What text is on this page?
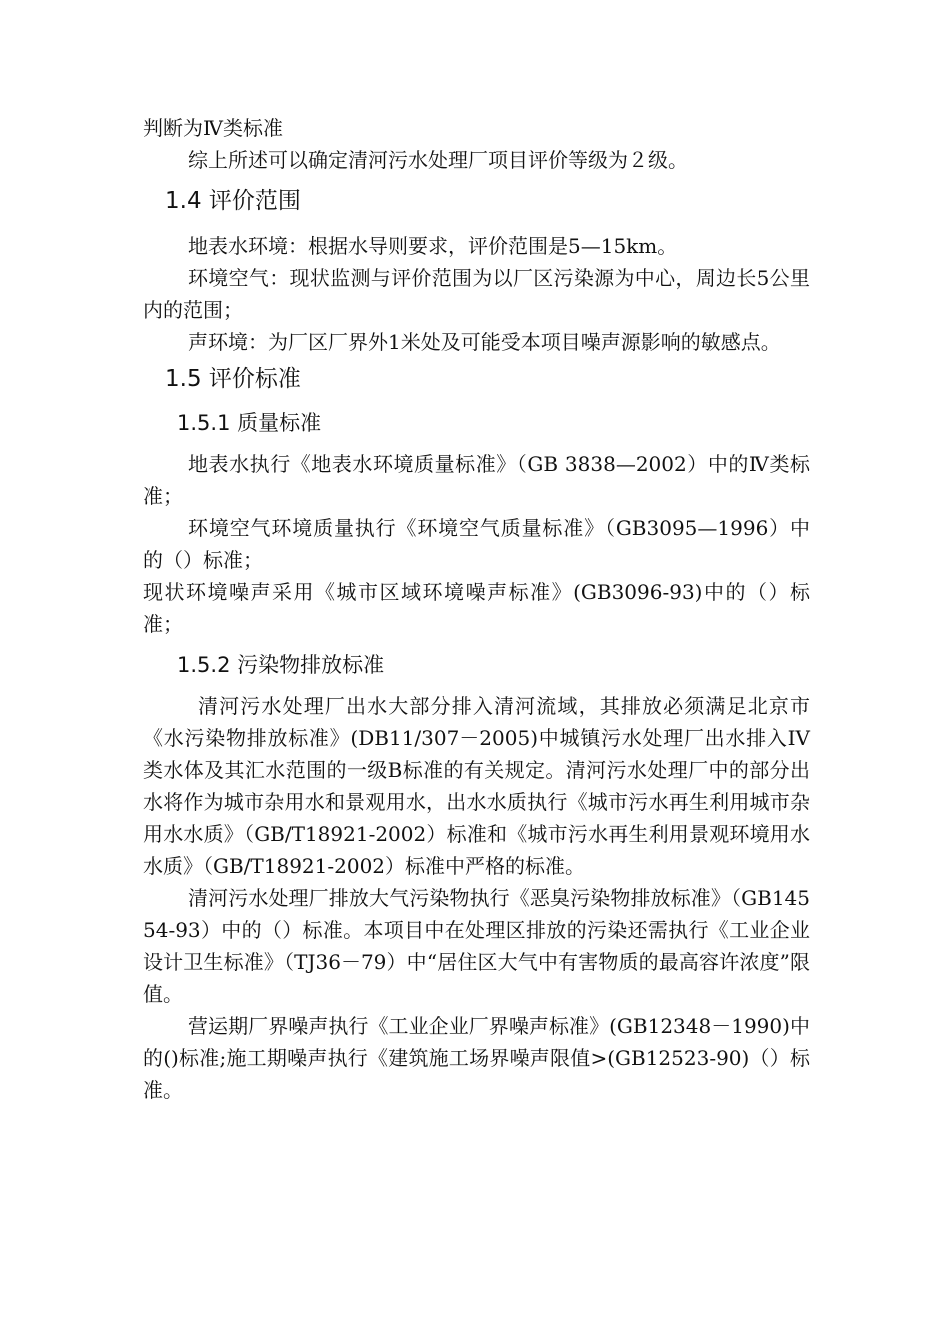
判断为Ⅳ类标准

综上所述可以确定清河污水处理厂项目评价等级为２级。

1.4 评价范围

地表水环境：根据水导则要求，评价范围是5—15km。

环境空气：现状监测与评价范围为以厂区污染源为中心，周边长5公里内的范围；

声环境：为厂区厂界外1米处及可能受本项目噪声源影响的敏感点。

1.5 评价标准
1.5.1 质量标准

地表水执行《地表水环境质量标准》（GB 3838—2002）中的Ⅳ类标准；

环境空气环境质量执行《环境空气质量标准》（GB3095—1996）中的（）标准；

现状环境噪声采用《城市区域环境噪声标准》(GB3096-93)中的（）标准；

1.5.2 污染物排放标准

清河污水处理厂出水大部分排入清河流域，其排放必须满足北京市《水污染物排放标准》(DB11/307－2005)中城镇污水处理厂出水排入IV类水体及其汇水范围的一级B标准的有关规定。清河污水处理厂中的部分出水将作为城市杂用水和景观用水，出水水质执行《城市污水再生利用城市杂用水水质》（GB/T18921-2002）标准和《城市污水再生利用景观环境用水水质》（GB/T18921-2002）标准中严格的标准。

清河污水处理厂排放大气污染物执行《恶臭污染物排放标准》（GB14554-93）中的（）标准。本项目中在处理区排放的污染还需执行《工业企业设计卫生标准》（TJ36－79）中“居住区大气中有害物质的最高容许浓度”限值。

营运期厂界噪声执行《工业企业厂界噪声标准》(GB12348－1990)中的()标准;施工期噪声执行《建筑施工场界噪声限值>(GB12523-90)（）标准。
